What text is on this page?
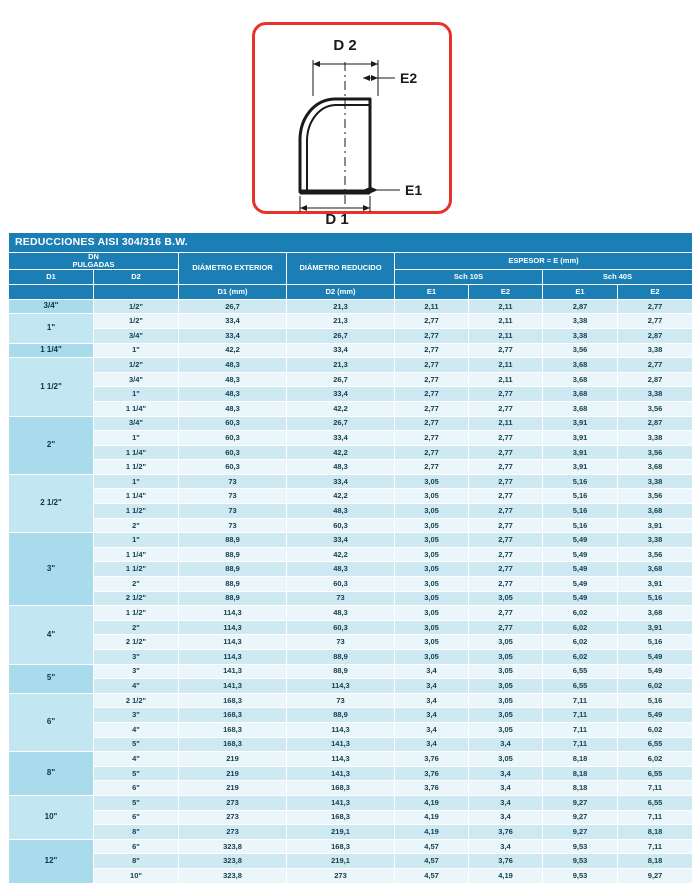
D 2
E2
D 1
E1
REDUCCIONES AISI 304/316 B.W.							
DN
PULGADAS		DIÁMETRO EXTERIOR	DIÁMETRO REDUCIDO	ESPESOR = E (mm)			
D1	D2			Sch 10S		Sch 40S	
		D1 (mm)	D2 (mm)	E1	E2	E1	E2
3/4"	1/2"	26,7	21,3	2,11	2,11	2,87	2,77
1"	1/2"	33,4	21,3	2,77	2,11	3,38	2,77
	3/4"	33,4	26,7	2,77	2,11	3,38	2,87
1 1/4"	1"	42,2	33,4	2,77	2,77	3,56	3,38
1 1/2"	1/2"	48,3	21,3	2,77	2,11	3,68	2,77
	3/4"	48,3	26,7	2,77	2,11	3,68	2,87
	1"	48,3	33,4	2,77	2,77	3,68	3,38
	1 1/4"	48,3	42,2	2,77	2,77	3,68	3,56
2"	3/4"	60,3	26,7	2,77	2,11	3,91	2,87
	1"	60,3	33,4	2,77	2,77	3,91	3,38
	1 1/4"	60,3	42,2	2,77	2,77	3,91	3,56
	1 1/2"	60,3	48,3	2,77	2,77	3,91	3,68
2 1/2"	1"	73	33,4	3,05	2,77	5,16	3,38
	1 1/4"	73	42,2	3,05	2,77	5,16	3,56
	1 1/2"	73	48,3	3,05	2,77	5,16	3,68
	2"	73	60,3	3,05	2,77	5,16	3,91
3"	1"	88,9	33,4	3,05	2,77	5,49	3,38
	1 1/4"	88,9	42,2	3,05	2,77	5,49	3,56
	1 1/2"	88,9	48,3	3,05	2,77	5,49	3,68
	2"	88,9	60,3	3,05	2,77	5,49	3,91
	2 1/2"	88,9	73	3,05	3,05	5,49	5,16
4"	1 1/2"	114,3	48,3	3,05	2,77	6,02	3,68
	2"	114,3	60,3	3,05	2,77	6,02	3,91
	2 1/2"	114,3	73	3,05	3,05	6,02	5,16
	3"	114,3	88,9	3,05	3,05	6,02	5,49
5"	3"	141,3	88,9	3,4	3,05	6,55	5,49
	4"	141,3	114,3	3,4	3,05	6,55	6,02
6"	2 1/2"	168,3	73	3,4	3,05	7,11	5,16
	3"	168,3	88,9	3,4	3,05	7,11	5,49
	4"	168,3	114,3	3,4	3,05	7,11	6,02
	5"	168,3	141,3	3,4	3,4	7,11	6,55
8"	4"	219	114,3	3,76	3,05	8,18	6,02
	5"	219	141,3	3,76	3,4	8,18	6,55
	6"	219	168,3	3,76	3,4	8,18	7,11
10"	5"	273	141,3	4,19	3,4	9,27	6,55
	6"	273	168,3	4,19	3,4	9,27	7,11
	8"	273	219,1	4,19	3,76	9,27	8,18
12"	6"	323,8	168,3	4,57	3,4	9,53	7,11
	8"	323,8	219,1	4,57	3,76	9,53	8,18
	10"	323,8	273	4,57	4,19	9,53	9,27
